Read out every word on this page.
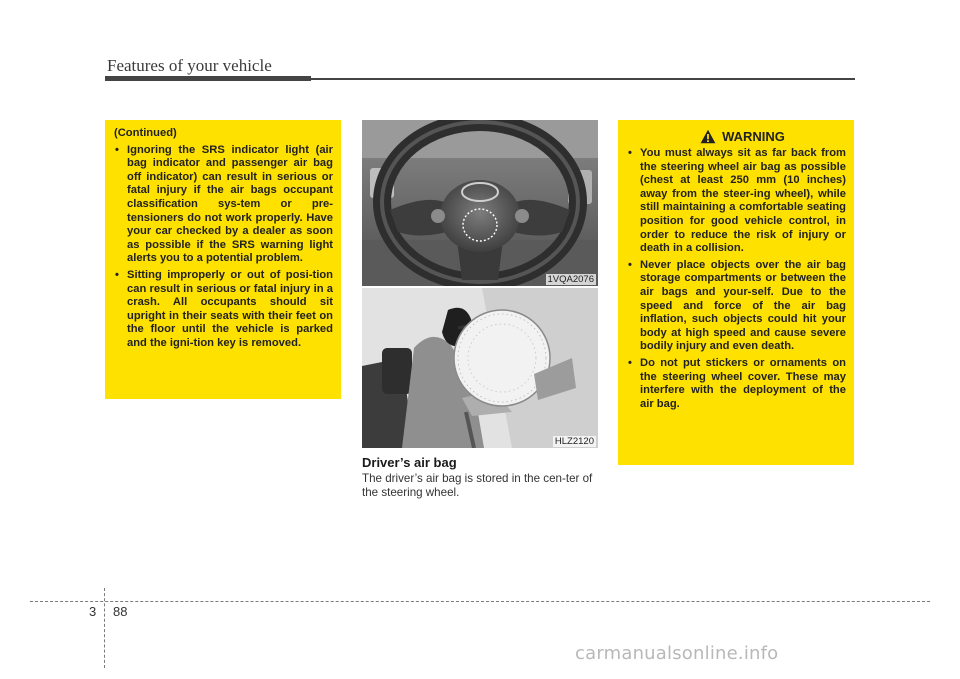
Features of your vehicle
(Continued)
• Ignoring the SRS indicator light (air bag indicator and passenger air bag off indicator) can result in serious or fatal injury if the air bags occupant classification sys-tem or pre-tensioners do not work properly. Have your car checked by a dealer as soon as possible if the SRS warning light alerts you to a potential problem.
• Sitting improperly or out of posi-tion can result in serious or fatal injury in a crash. All occupants should sit upright in their seats with their feet on the floor until the vehicle is parked and the igni-tion key is removed.
1VQA2076
HLZ2120
Driver’s air bag
The driver’s air bag is stored in the cen-ter of the steering wheel.
WARNING
• You must always sit as far back from the steering wheel air bag as possible (chest at least 250 mm (10 inches) away from the steer-ing wheel), while still maintaining a comfortable seating position for good vehicle control, in order to reduce the risk of injury or death in a collision.
• Never place objects over the air bag storage compartments or between the air bags and your-self. Due to the speed and force of the air bag inflation, such objects could hit your body at high speed and cause severe bodily injury and even death.
• Do not put stickers or ornaments on the steering wheel cover. These may interfere with the deployment of the air bag.
3 88
carmanualsonline.info
